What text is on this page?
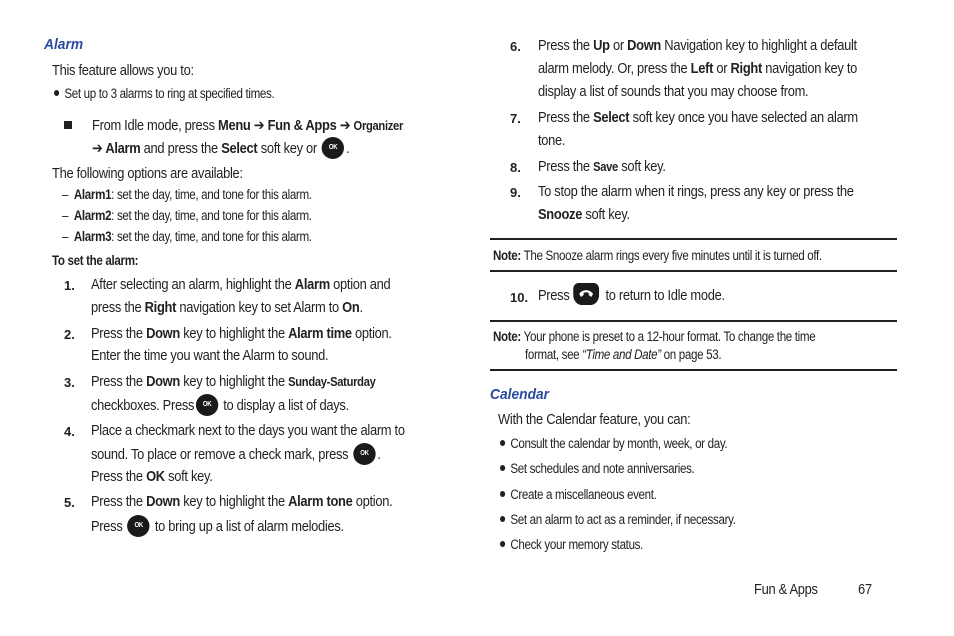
Alarm
This feature allows you to:
Set up to 3 alarms to ring at specified times.
From Idle mode, press Menu ➔ Fun & Apps ➔ Organizer
➔ Alarm and press the Select soft key or OK .
The following options are available:
– Alarm1: set the day, time, and tone for this alarm.
– Alarm2: set the day, time, and tone for this alarm.
– Alarm3: set the day, time, and tone for this alarm.
To set the alarm:
1. After selecting an alarm, highlight the Alarm option and
press the Right navigation key to set Alarm to On.
2. Press the Down key to highlight the Alarm time option.
Enter the time you want the Alarm to sound.
3. Press the Down key to highlight the Sunday-Saturday
checkboxes. Press OK to display a list of days.
4. Place a checkmark next to the days you want the alarm to
sound. To place or remove a check mark, press OK .
Press the OK soft key.
5. Press the Down key to highlight the Alarm tone option.
Press OK to bring up a list of alarm melodies.
6. Press the Up or Down Navigation key to highlight a default
alarm melody. Or, press the Left or Right navigation key to
display a list of sounds that you may choose from.
7. Press the Select soft key once you have selected an alarm
tone.
8. Press the Save soft key.
9. To stop the alarm when it rings, press any key or press the
Snooze soft key.
Note: The Snooze alarm rings every five minutes until it is turned off.
10. Press to return to Idle mode.
Note: Your phone is preset to a 12-hour format. To change the time
format, see “Time and Date” on page 53.
Calendar
With the Calendar feature, you can:
Consult the calendar by month, week, or day.
Set schedules and note anniversaries.
Create a miscellaneous event.
Set an alarm to act as a reminder, if necessary.
Check your memory status.
Fun & Apps	67
